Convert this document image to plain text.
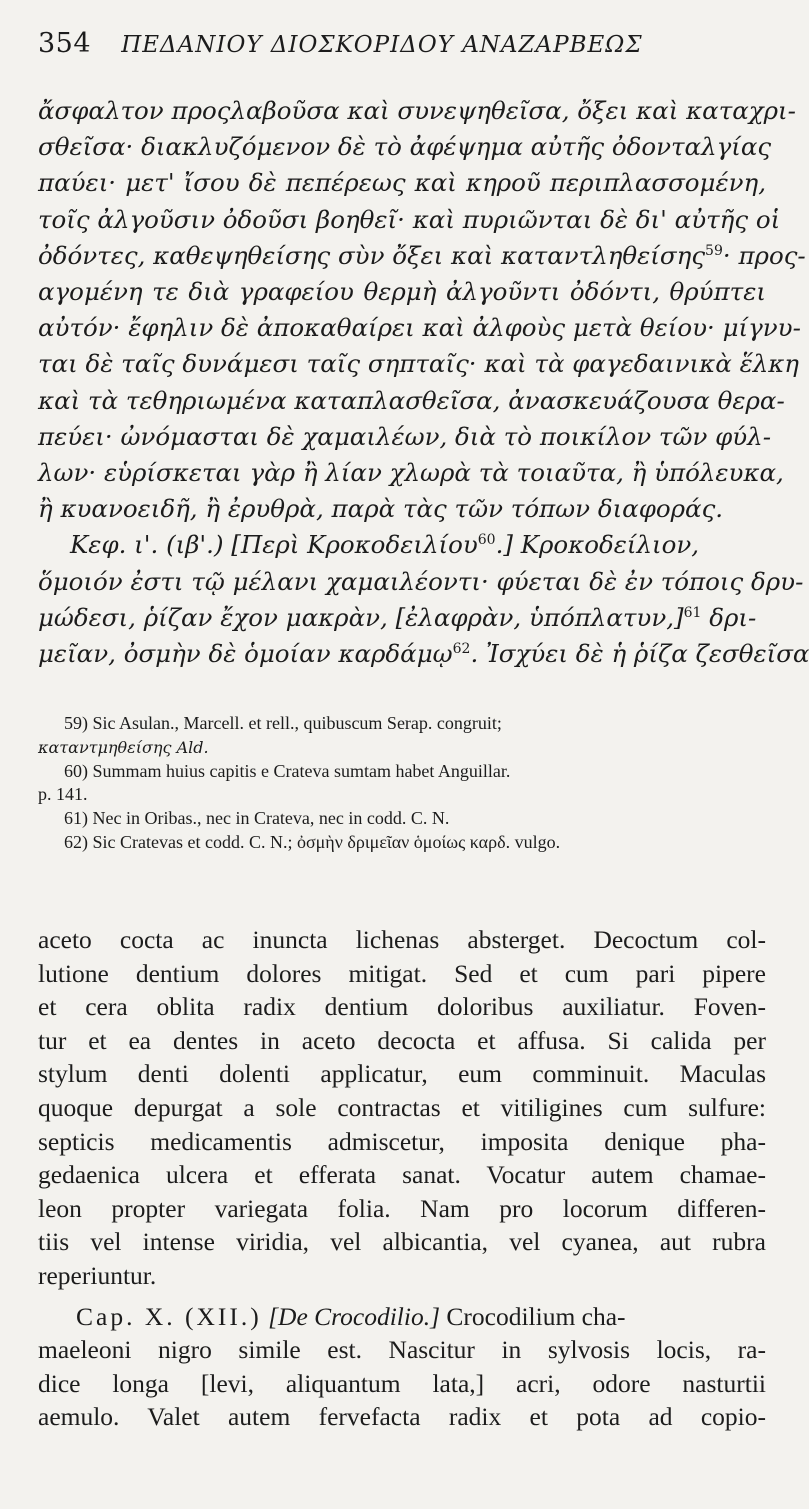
354 ΠΕΔΑΝΙΟΥ ΔΙΟΣΚΟΡΙΔΟΥ ΑΝΑΖΑΡΒΕΩΣ
ἄσφαλτον προςλαβοῦσα καὶ συνεψηθεῖσα, ὄξει καὶ καταχρι-
σθεῖσα· διακλυζόμενον δὲ τὸ ἀφέψημα αὐτῆς ὀδονταλγίας
παύει· μετ' ἴσου δὲ πεπέρεως καὶ κηροῦ περιπλασσομένη,
τοῖς ἀλγοῦσιν ὀδοῦσι βοηθεῖ· καὶ πυριῶνται δὲ δι' αὐτῆς οἱ
ὀδόντες, καθεψηθείσης σὺν ὄξει καὶ καταντληθείσης$^{59}$· προς-
αγομένη τε διὰ γραφείου θερμὴ ἀλγοῦντι ὀδόντι, θρύπτει
αὐτόν· ἔφηλιν δὲ ἀποκαθαίρει καὶ ἀλφοὺς μετὰ θείου· μίγνυ-
ται δὲ ταῖς δυνάμεσι ταῖς σηπταῖς· καὶ τὰ φαγεδαινικὰ ἕλκη
καὶ τὰ τεθηριωμένα καταπλασθεῖσα, ἀνασκευάζουσα θερα-
πεύει· ὠνόμασται δὲ χαμαιλέων, διὰ τὸ ποικίλον τῶν φύλ-
λων· εὑρίσκεται γὰρ ἢ λίαν χλωρὰ τὰ τοιαῦτα, ἢ ὑπόλευκα,
ἢ κυανοειδῆ, ἢ ἐρυθρὰ, παρὰ τὰς τῶν τόπων διαφοράς.
Κεφ. ι'. (ιβ'.) [Περὶ Κροκοδειλίου$^{60}$.] Κροκοδείλιον,
ὅμοιόν ἐστι τῷ μέλανι χαμαιλέοντι· φύεται δὲ ἐν τόποις δρυ-
μώδεσι, ῥίζαν ἔχον μακρὰν, [ἐλαφρὰν, ὑπόπλατυν,]$^{61}$ δρι-
μεῖαν, ὀσμὴν δὲ ὁμοίαν καρδάμῳ$^{62}$. Ἰσχύει δὲ ἡ ῥίζα ζεσθεῖσα
59) Sic Asulan., Marcell. et rell., quibuscum Serap. congruit;
καταντμηθείσης Ald.
60) Summam huius capitis e Crateva sumtam habet Anguillar.
p. 141.
61) Nec in Oribas., nec in Crateva, nec in codd. C. N.
62) Sic Cratevas et codd. C. N.; ὀσμὴν δριμεῖαν ὁμοίως καρδ. vulgo.
aceto cocta ac inuncta lichenas absterget. Decoctum col-
lutione dentium dolores mitigat. Sed et cum pari pipere
et cera oblita radix dentium doloribus auxiliatur. Foven-
tur et ea dentes in aceto decocta et affusa. Si calida per
stylum denti dolenti applicatur, eum comminuit. Maculas
quoque depurgat a sole contractas et vitiligines cum sulfure:
septicis medicamentis admiscetur, imposita denique pha-
gedaenica ulcera et efferata sanat. Vocatur autem chamae-
leon propter variegata folia. Nam pro locorum differen-
tiis vel intense viridia, vel albicantia, vel cyanea, aut rubra
reperiuntur.
Cap. X. (XII.) [De Crocodilio.] Crocodilium cha-
maeleoni nigro simile est. Nascitur in sylvosis locis, ra-
dice longa [levi, aliquantum lata,] acri, odore nasturtii
aemulo. Valet autem fervefacta radix et pota ad copio-
